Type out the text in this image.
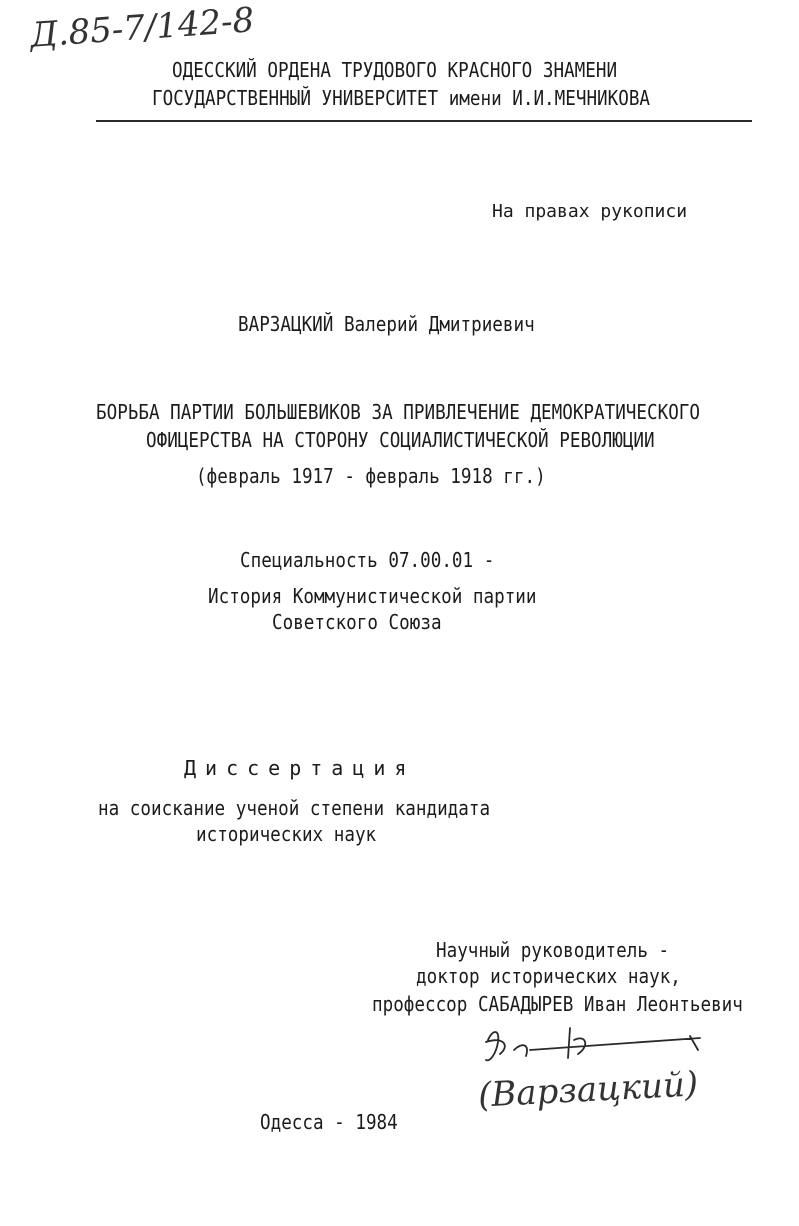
Д.85-7/142-8
ОДЕССКИЙ ОРДЕНА ТРУДОВОГО КРАСНОГО ЗНАМЕНИ
ГОСУДАРСТВЕННЫЙ УНИВЕРСИТЕТ имени И.И.МЕЧНИКОВА
На правах рукописи
ВАРЗАЦКИЙ Валерий Дмитриевич
БОРЬБА ПАРТИИ БОЛЬШЕВИКОВ ЗА ПРИВЛЕЧЕНИЕ ДЕМОКРАТИЧЕСКОГО
ОФИЦЕРСТВА НА СТОРОНУ СОЦИАЛИСТИЧЕСКОЙ РЕВОЛЮЦИИ
(февраль 1917 - февраль 1918 гг.)
Специальность 07.00.01 -
История Коммунистической партии
Советского Союза
Диссертация
на соискание ученой степени кандидата
исторических наук
Научный руководитель -
доктор исторических наук,
профессор САБАДЫРЕВ Иван Леонтьевич
(Варзацкий)
Одесса - 1984
